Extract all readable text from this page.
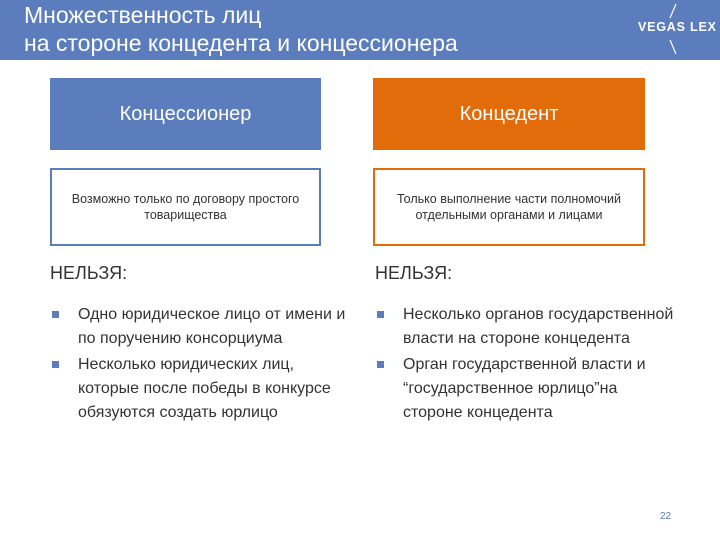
Множественность лиц
на стороне концедента и концессионера
VEGAS LEX
Концессионер	Концедент
Возможно только по договору простого товарищества
Только выполнение части полномочий отдельными органами и лицами
НЕЛЬЗЯ:	НЕЛЬЗЯ:
Одно юридическое лицо от имени и по поручению консорциума
Несколько юридических лиц, которые после победы в конкурсе обязуются создать юрлицо
Несколько органов государственной власти на стороне концедента
Орган государственной власти и “государственное юрлицо”на стороне концедента
22
